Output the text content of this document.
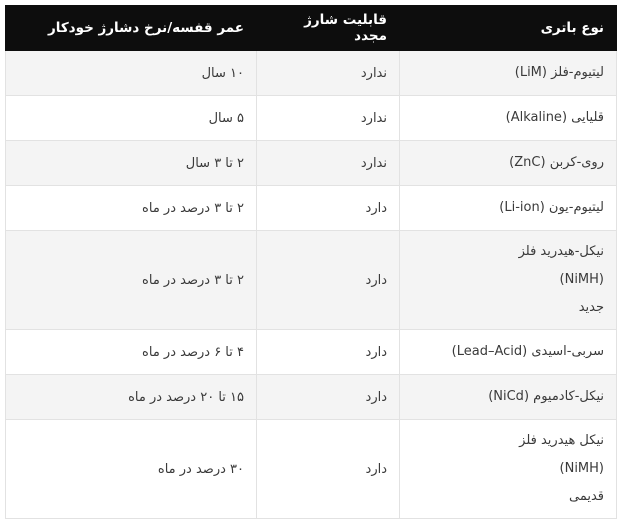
نوع باتری	قابلیت شارژ مجدد	عمر قفسه/نرخ دشارژ خودکار

لیتیوم-فلز (LiM)	ندارد	۱۰ سال

قلیایی (Alkaline)	ندارد	۵ سال

روی-کربن (ZnC)	ندارد	۲ تا ۳ سال

لیتیوم-یون (Li-ion)	دارد	۲ تا ۳ درصد در ماه

نیکل-هیدرید فلز
(NiMH)
جدید	دارد	۲ تا ۳ درصد در ماه

سربی-اسیدی (Lead–Acid)	دارد	۴ تا ۶ درصد در ماه

نیکل-کادمیوم (NiCd)	دارد	۱۵ تا ۲۰ درصد در ماه

نیکل هیدرید فلز
(NiMH)
قدیمی	دارد	۳۰ درصد در ماه
